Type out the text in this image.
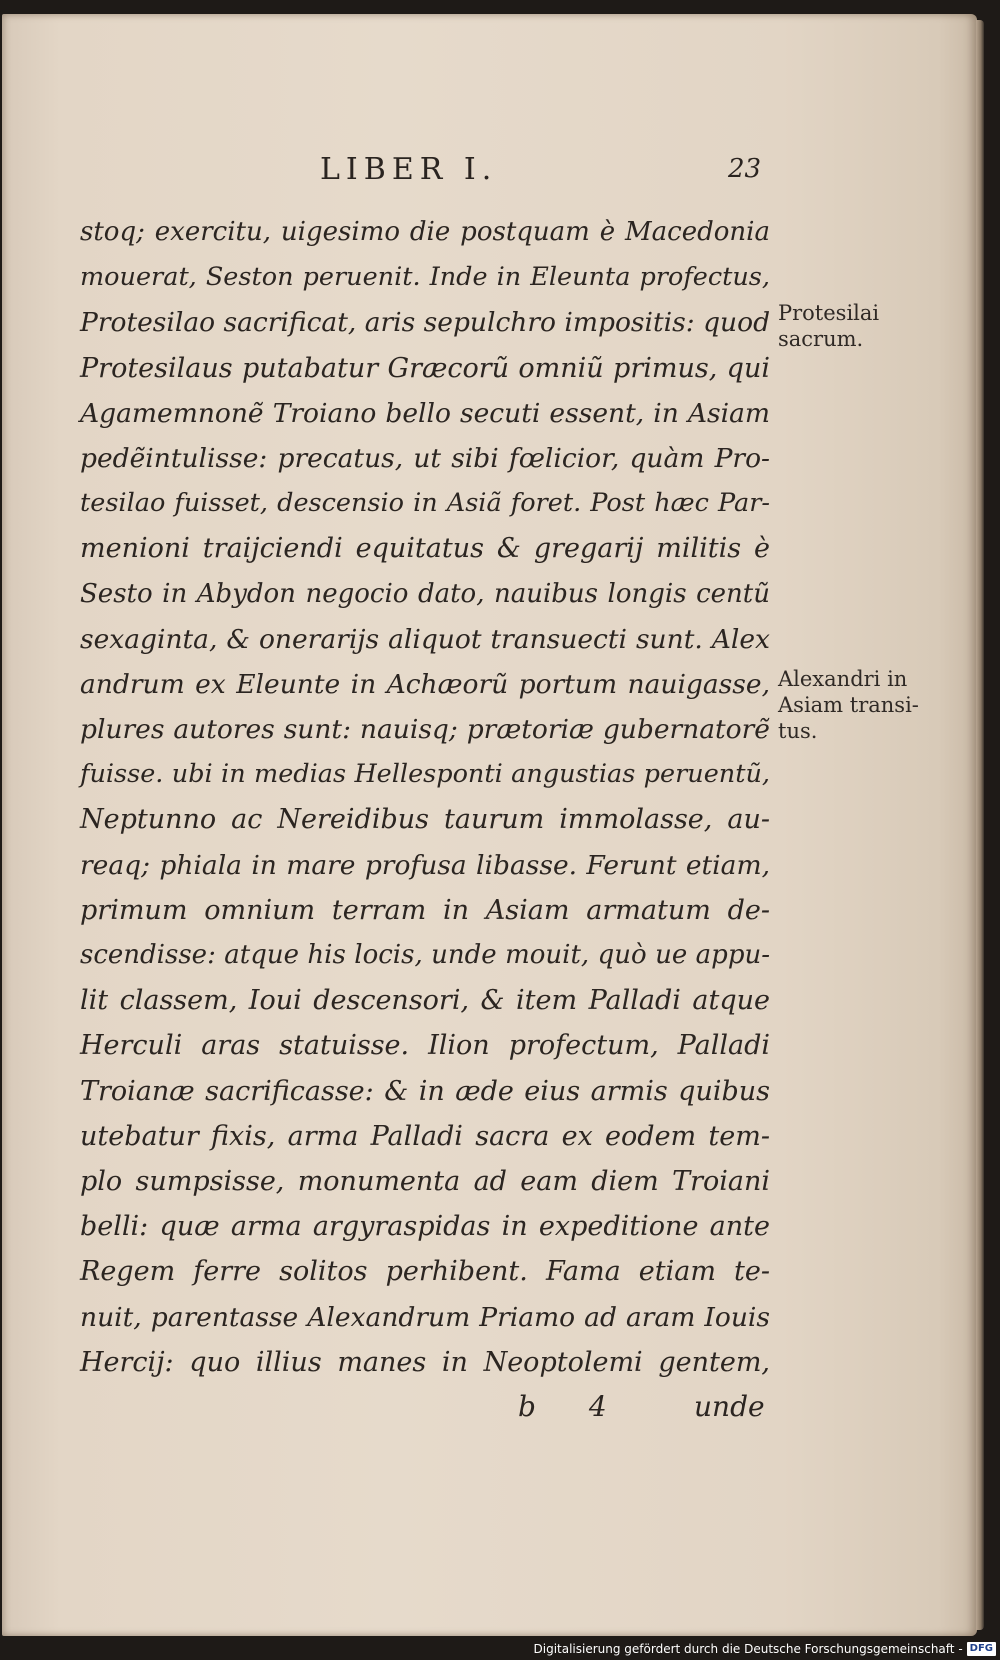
LIBER I.	23
stoq; exercitu, uigesimo die postquam è Macedonia
mouerat, Seston peruenit. Inde in Eleunta profectus,
Protesilao sacrificat, aris sepulchro impositis: quod
Protesilaus putabatur Græcorũ omniũ primus, qui
Agamemnonẽ Troiano bello secuti essent, in Asiam
pedẽintulisse: precatus, ut sibi fœlicior, quàm Pro-
tesilao fuisset, descensio in Asiã foret. Post hæc Par-
menioni traijciendi equitatus & gregarij militis è
Sesto in Abydon negocio dato, nauibus longis centũ
sexaginta, & onerarijs aliquot transuecti sunt. Alex
andrum ex Eleunte in Achæorũ portum nauigasse,
plures autores sunt: nauisq; prætoriæ gubernatorẽ
fuisse. ubi in medias Hellesponti angustias peruentũ,
Neptunno ac Nereidibus taurum immolasse, au-
reaq; phiala in mare profusa libasse. Ferunt etiam,
primum omnium terram in Asiam armatum de-
scendisse: atque his locis, unde mouit, quò ue appu-
lit classem, Ioui descensori, & item Palladi atque
Herculi aras statuisse. Ilion profectum, Palladi
Troianæ sacrificasse: & in æde eius armis quibus
utebatur fixis, arma Palladi sacra ex eodem tem-
plo sumpsisse, monumenta ad eam diem Troiani
belli: quæ arma argyraspidas in expeditione ante
Regem ferre solitos perhibent. Fama etiam te-
nuit, parentasse Alexandrum Priamo ad aram Iouis
Hercij: quo illius manes in Neoptolemi gentem,
Protesilai
sacrum.
Alexandri in
Asiam transi-
tus.
b 4 unde
Digitalisierung gefördert durch die Deutsche Forschungsgemeinschaft - DFG
